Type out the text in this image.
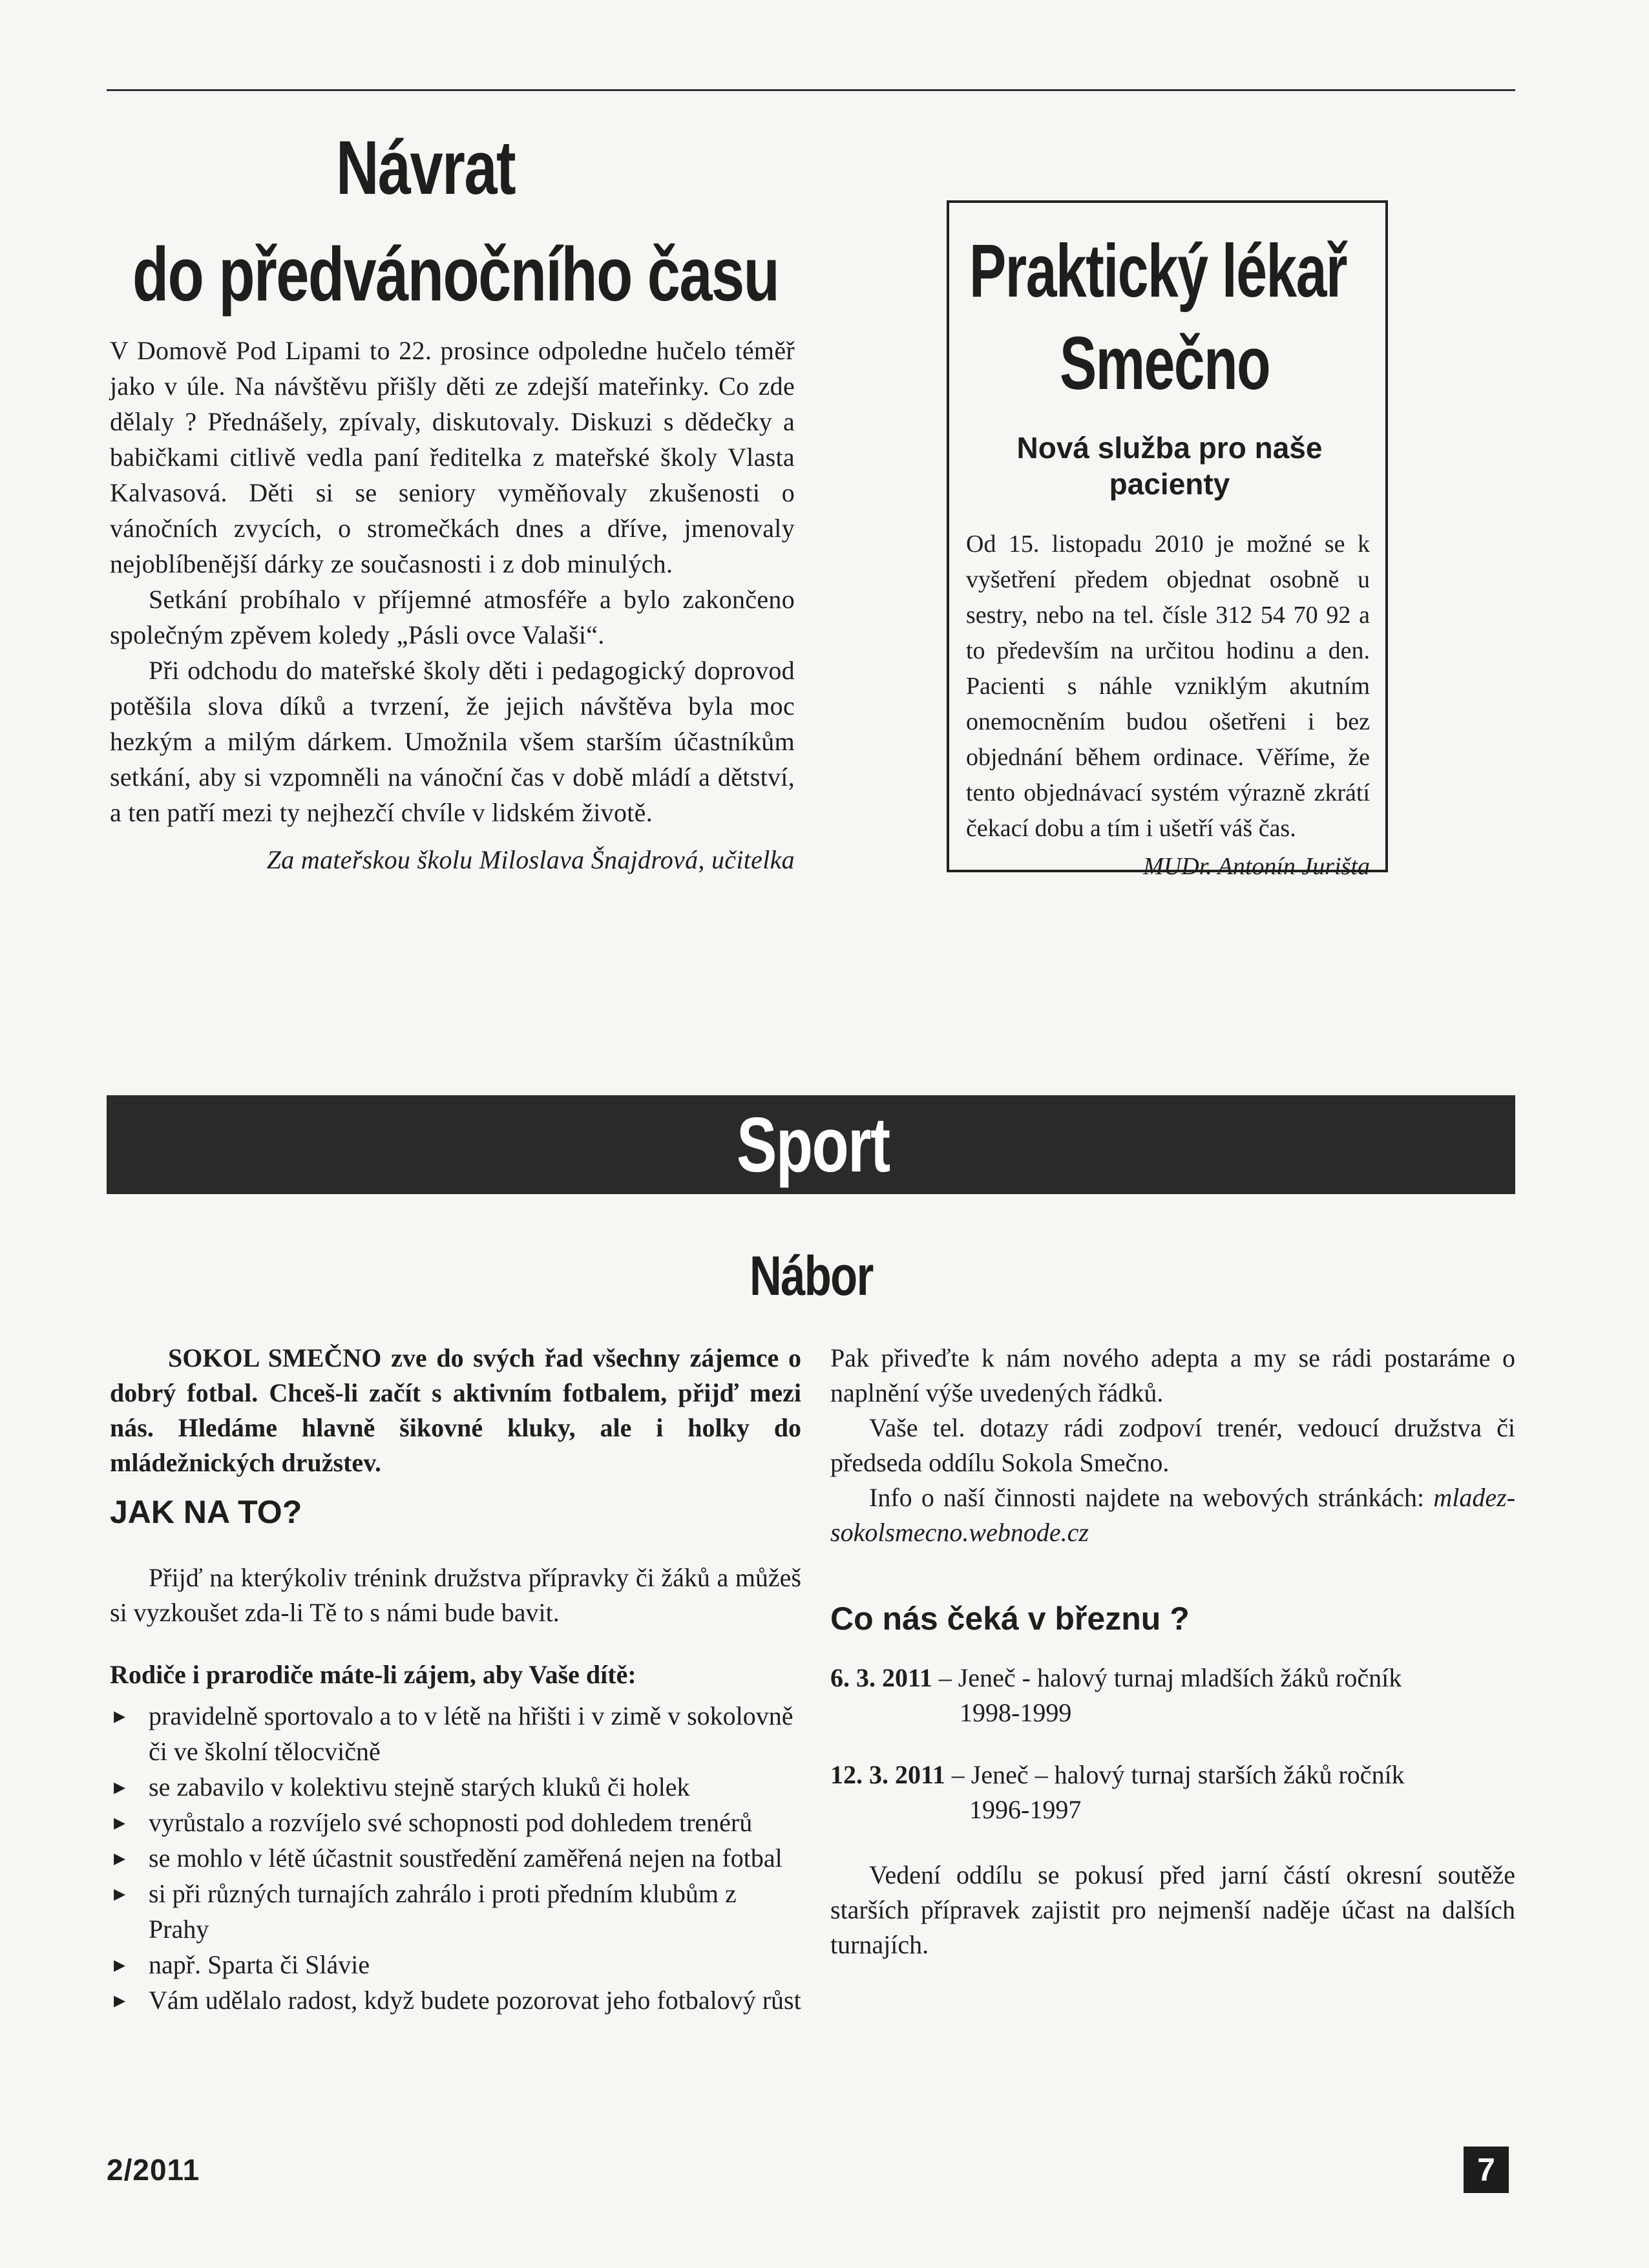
Návrat
do předvánočního času

V Domově Pod Lipami to 22. prosince odpoledne hučelo téměř jako v úle. Na návštěvu přišly děti ze zdejší mateřinky. Co zde dělaly ? Přednášely, zpívaly, diskutovaly. Diskuzi s dědečky a babičkami citlivě vedla paní ředitelka z mateřské školy Vlasta Kalvasová. Děti si se seniory vyměňovaly zkušenosti o vánočních zvycích, o stromečkách dnes a dříve, jmenovaly nejoblíbenější dárky ze současnosti i z dob minulých.

Setkání probíhalo v příjemné atmosféře a bylo zakončeno společným zpěvem koledy „Pásli ovce Valaši“.

Při odchodu do mateřské školy děti i pedagogický doprovod potěšila slova díků a tvrzení, že jejich návštěva byla moc hezkým a milým dárkem. Umožnila všem starším účastníkům setkání, aby si vzpomněli na vánoční čas v době mládí a dětství, a ten patří mezi ty nejhezčí chvíle v lidském životě.

Za mateřskou školu Miloslava Šnajdrová, učitelka

Praktický lékař
Smečno
Nová služba pro naše pacienty
Od 15. listopadu 2010 je možné se k vyšetření předem objednat osobně u sestry, nebo na tel. čísle 312 54 70 92 a to především na určitou hodinu a den. Pacienti s náhle vzniklým akutním onemocněním budou ošetřeni i bez objednání během ordinace. Věříme, že tento objednávací systém výrazně zkrátí čekací dobu a tím i ušetří váš čas.
MUDr. Antonín Jurišta
Sport
Nábor
SOKOL SMEČNO zve do svých řad všechny zájemce o dobrý fotbal. Chceš-li začít s aktivním fotbalem, přijď mezi nás. Hledáme hlavně šikovné kluky, ale i holky do mládežnických družstev.
JAK NA TO?
Přijď na kterýkoliv trénink družstva přípravky či žáků a můžeš si vyzkoušet zda-li Tě to s námi bude bavit.
Rodiče i prarodiče máte-li zájem, aby Vaše dítě:
▸ pravidelně sportovalo a to v létě na hřišti i v zimě v sokolovně či ve školní tělocvičně
▸ se zabavilo v kolektivu stejně starých kluků či holek
▸ vyrůstalo a rozvíjelo své schopnosti pod dohledem trenérů
▸ se mohlo v létě účastnit soustředění zaměřená nejen na fotbal
▸ si při různých turnajích zahrálo i proti předním klubům z Prahy
▸ např. Sparta či Slávie
▸ Vám udělalo radost, když budete pozorovat jeho fotbalový růst

Pak přiveďte k nám nového adepta a my se rádi postaráme o naplnění výše uvedených řádků.

Vaše tel. dotazy rádi zodpoví trenér, vedoucí družstva či předseda oddílu Sokola Smečno.

Info o naší činnosti najdete na webových stránkách: mladez-sokolsmecno.webnode.cz

Co nás čeká v březnu ?
6. 3. 2011 – Jeneč - halový turnaj mladších žáků ročník
1998-1999
12. 3. 2011 – Jeneč – halový turnaj starších žáků ročník
1996-1997
Vedení oddílu se pokusí před jarní částí okresní soutěže starších přípravek zajistit pro nejmenší naděje účast na dalších turnajích.
2/2011	7
